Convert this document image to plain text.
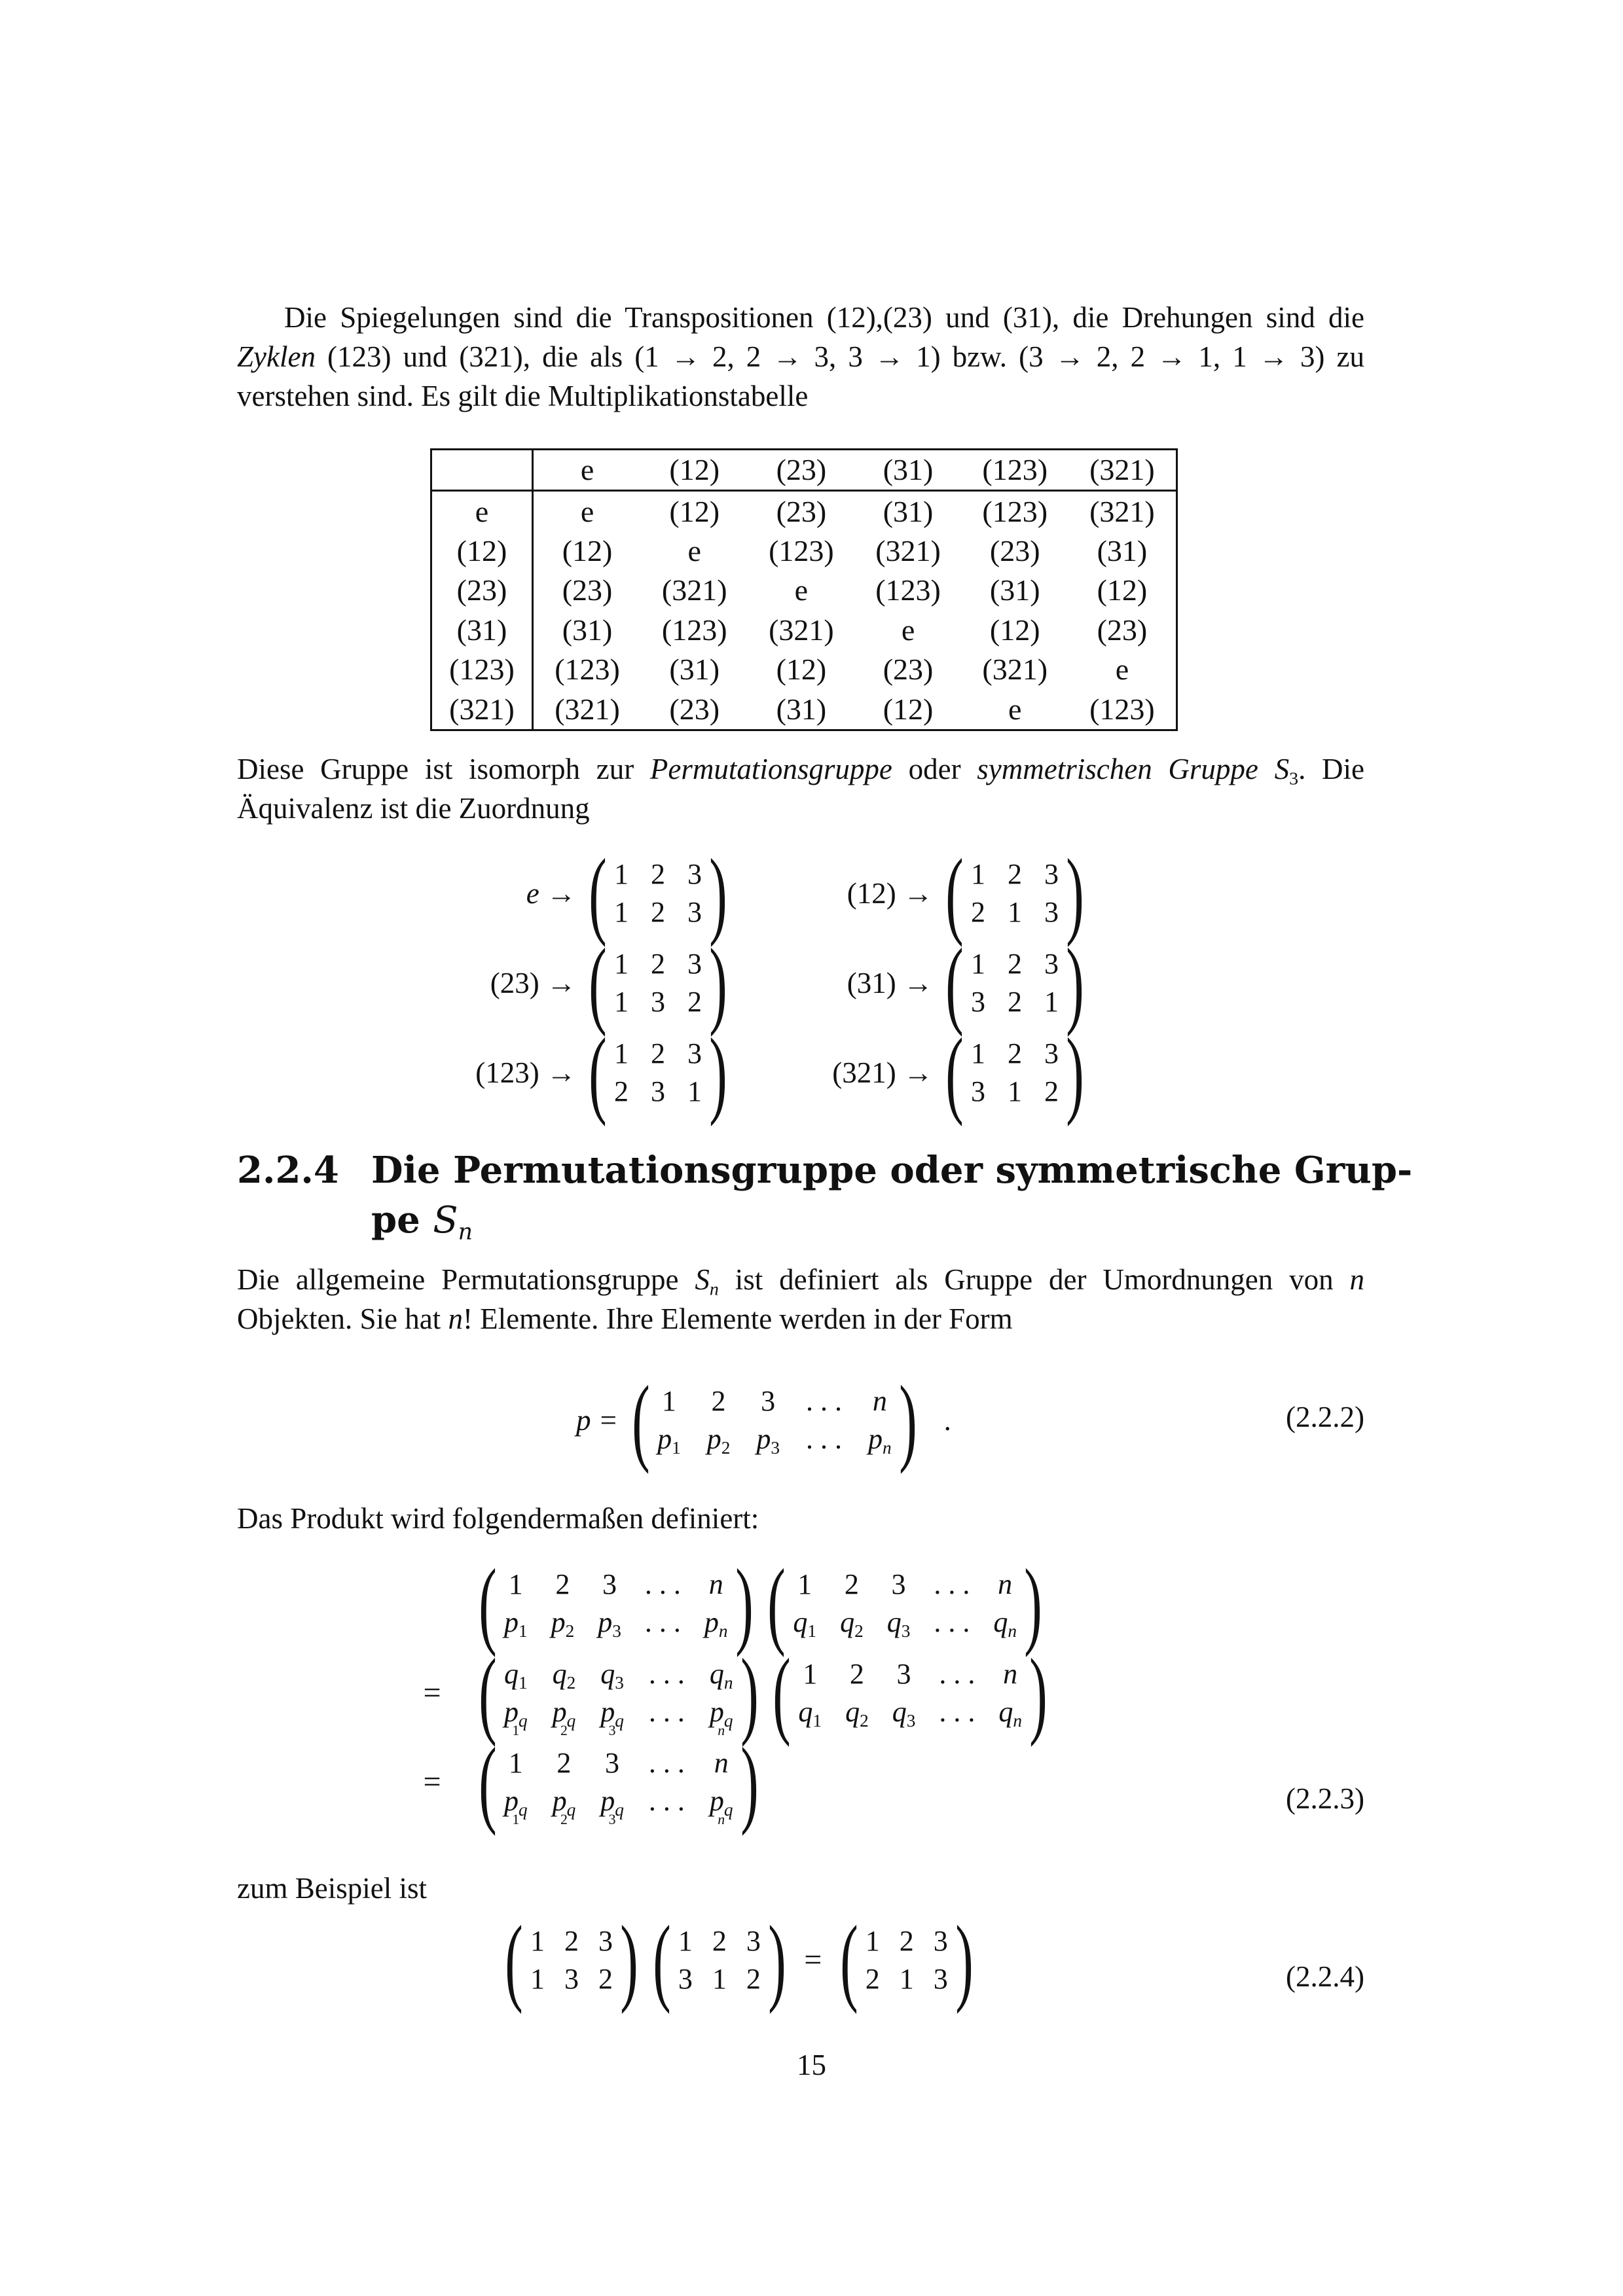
Die Spiegelungen sind die Transpositionen (12),(23) und (31), die Drehungen sind die Zyklen (123) und (321), die als (1 → 2, 2 → 3, 3 → 1) bzw. (3 → 2, 2 → 1, 1 → 3) zu verstehen sind. Es gilt die Multiplikationstabelle

	e	(12)	(23)	(31)	(123)	(321)
e	e	(12)	(23)	(31)	(123)	(321)
(12)	(12)	e	(123)	(321)	(23)	(31)
(23)	(23)	(321)	e	(123)	(31)	(12)
(31)	(31)	(123)	(321)	e	(12)	(23)
(123)	(123)	(31)	(12)	(23)	(321)	e
(321)	(321)	(23)	(31)	(12)	e	(123)

Diese Gruppe ist isomorph zur Permutationsgruppe oder symmetrischen Gruppe $S_3$. Die Äquivalenz ist die Zuordnung

e → ( 1 2 3
1 2 3 )	(12) → ( 1 2 3
2 1 3 )
(23) → ( 1 2 3
1 3 2 )	(31) → ( 1 2 3
3 2 1 )
(123) → ( 1 2 3
2 3 1 )	(321) → ( 1 2 3
3 1 2 )
2.2.4 Die Permutationsgruppe oder symmetrische Grup-
pe $S_n$

Die allgemeine Permutationsgruppe $S_n$ ist definiert als Gruppe der Umordnungen von n Objekten. Sie hat n! Elemente. Ihre Elemente werden in der Form

p = ( 1 2 3 . . . n
$p_1$ $p_2$ $p_3$ . . . $p_n$ ) .	(2.2.2)

Das Produkt wird folgendermaßen definiert:

( 1 2 3 . . . n
$p_1$ $p_2$ $p_3$ . . . $p_n$ ) ( 1 2 3 . . . n
$q_1$ $q_2$ $q_3$ . . . $q_n$ )
= ( $q_1$ $q_2$ $q_3$ . . . $q_n$
$p_{q 1}$
$p_{q 2}$
$p_{q 3}$
. . . $p_{q n}$ ) ( 1 2 3 . . . n
$q_1$ $q_2$ $q_3$ . . . $q_n$ )
= ( 1 2 3 . . . n
$p_{q 1}$
$p_{q 2}$
$p_{q 3}$
. . . $p_{q n}$ )	(2.2.3)

zum Beispiel ist

( 1 2 3
1 3 2 ) ( 1 2 3
3 1 2 ) = ( 1 2 3
2 1 3 )	(2.2.4)
15
